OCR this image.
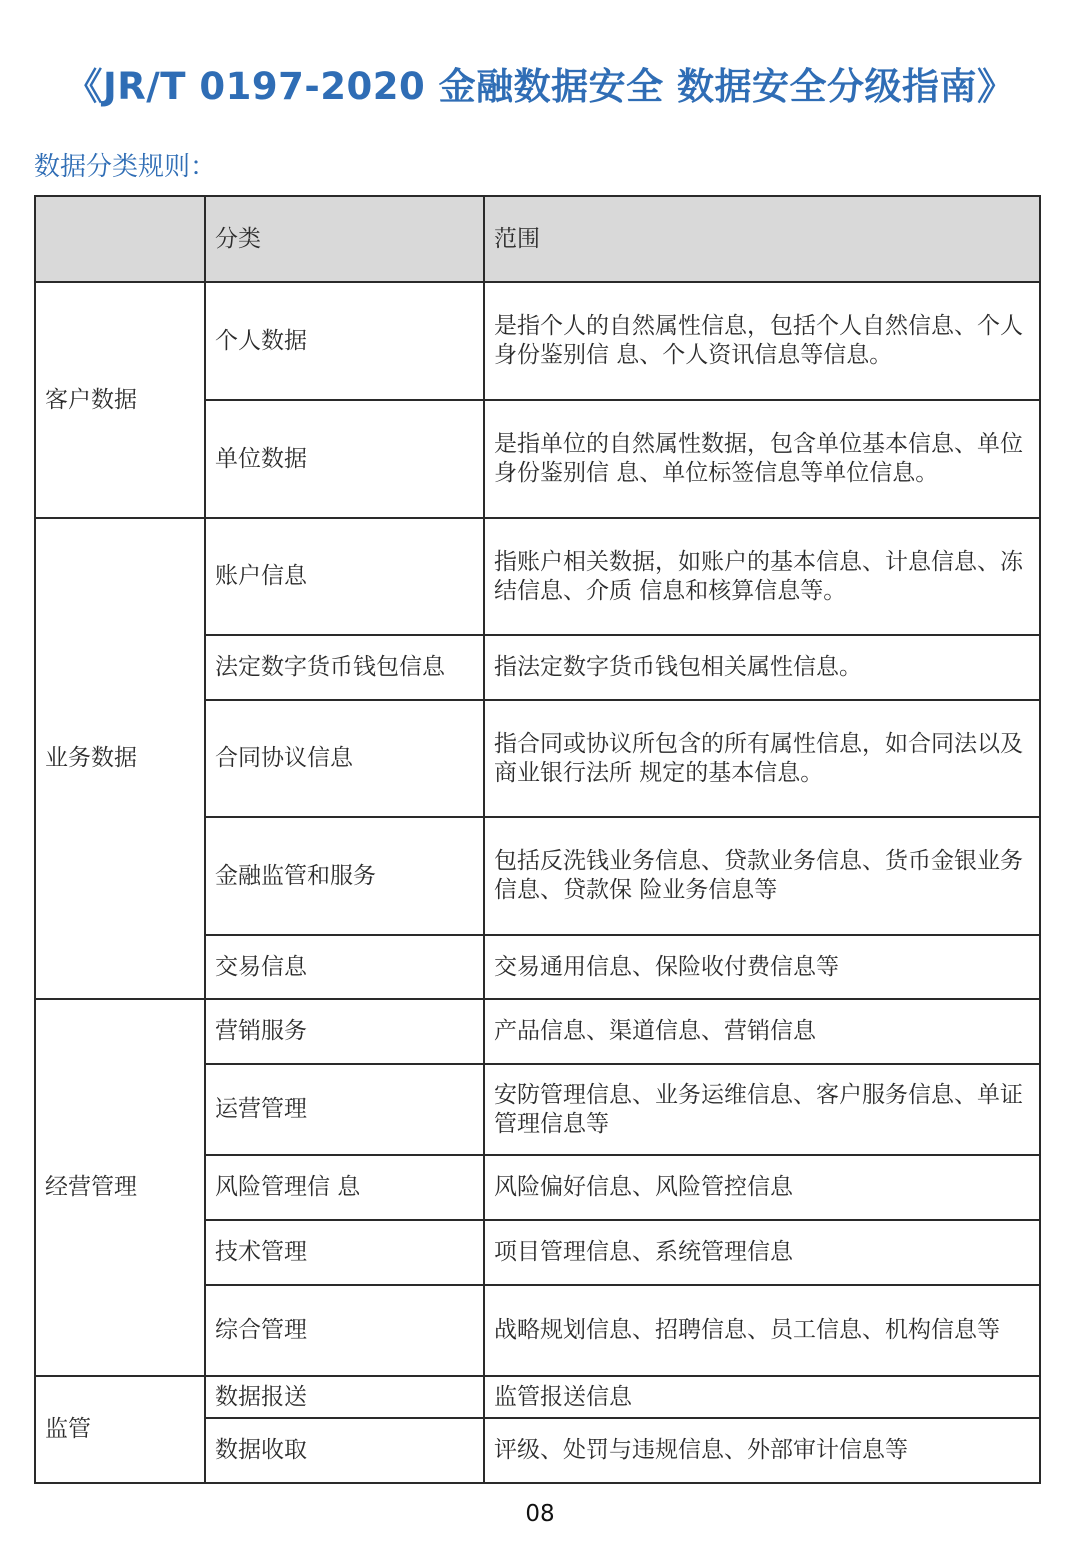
《JR/T 0197-2020 金融数据安全 数据安全分级指南》
数据分类规则：
	分类	范围
客户数据	个人数据	是指个人的自然属性信息，包括个人自然信息、个人身份鉴别信 息、个人资讯信息等信息。
	单位数据	是指单位的自然属性数据，包含单位基本信息、单位身份鉴别信 息、单位标签信息等单位信息。
业务数据	账户信息	指账户相关数据，如账户的基本信息、计息信息、冻结信息、介质 信息和核算信息等。
	法定数字货币钱包信息	指法定数字货币钱包相关属性信息。
	合同协议信息	指合同或协议所包含的所有属性信息，如合同法以及商业银行法所 规定的基本信息。
	金融监管和服务	包括反洗钱业务信息、贷款业务信息、货币金银业务信息、贷款保 险业务信息等
	交易信息	交易通用信息、保险收付费信息等
经营管理	营销服务	产品信息、渠道信息、营销信息
	运营管理	安防管理信息、业务运维信息、客户服务信息、单证管理信息等
	风险管理信 息	风险偏好信息、风险管控信息
	技术管理	项目管理信息、系统管理信息
	综合管理	战略规划信息、招聘信息、员工信息、机构信息等
监管	数据报送	监管报送信息
	数据收取	评级、处罚与违规信息、外部审计信息等
08
